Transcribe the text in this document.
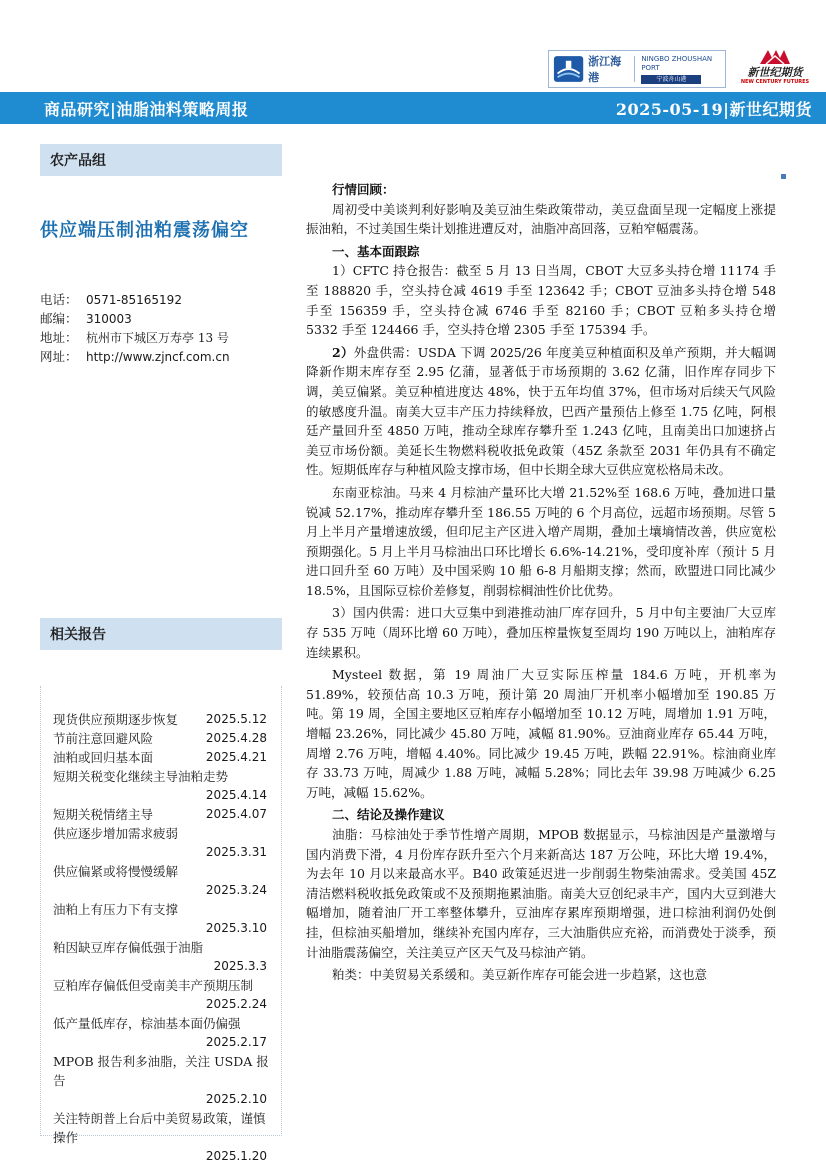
浙江海港
NINGBO ZHOUSHAN PORT
宁波舟山港	新世纪期货
NEW CENTURY FUTURES
商品研究|油脂油料策略周报	2025-05-19|新世纪期货
农产品组
供应端压制油粕震荡偏空
电话： 0571-85165192
邮编： 310003
地址： 杭州市下城区万寿亭 13 号
网址： http://www.zjncf.com.cn
相关报告
现货供应预期逐步恢复 2025.5.12
节前注意回避风险	2025.4.28
油粕或回归基本面	2025.4.21
短期关税变化继续主导油粕走势
2025.4.14
短期关税情绪主导	2025.4.07
供应逐步增加需求疲弱
2025.3.31
供应偏紧或将慢慢缓解
2025.3.24
油粕上有压力下有支撑
2025.3.10
粕因缺豆库存偏低强于油脂
2025.3.3
豆粕库存偏低但受南美丰产预期压制
2025.2.24
低产量低库存，棕油基本面仍偏强
2025.2.17
MPOB 报告利多油脂，关注 USDA 报告
2025.2.10
关注特朗普上台后中美贸易政策，谨慎操作
2025.1.20

行情回顾：

周初受中美谈判利好影响及美豆油生柴政策带动，美豆盘面呈现一定幅度上涨提振油粕，不过美国生柴计划推进遭反对，油脂冲高回落，豆粕窄幅震荡。

一、基本面跟踪

1）CFTC 持仓报告：截至 5 月 13 日当周，CBOT 大豆多头持仓增 11174 手至 188820 手，空头持仓减 4619 手至 123642 手；CBOT 豆油多头持仓增 548 手至 156359 手，空头持仓减 6746 手至 82160 手；CBOT 豆粕多头持仓增 5332 手至 124466 手，空头持仓增 2305 手至 175394 手。

2）外盘供需：USDA 下调 2025/26 年度美豆种植面积及单产预期，并大幅调降新作期末库存至 2.95 亿蒲，显著低于市场预期的 3.62 亿蒲，旧作库存同步下调，美豆偏紧。美豆种植进度达 48%，快于五年均值 37%，但市场对后续天气风险的敏感度升温。南美大豆丰产压力持续释放，巴西产量预估上修至 1.75 亿吨，阿根廷产量回升至 4850 万吨，推动全球库存攀升至 1.243 亿吨，且南美出口加速挤占美豆市场份额。美延长生物燃料税收抵免政策（45Z 条款至 2031 年仍具有不确定性。短期低库存与种植风险支撑市场，但中长期全球大豆供应宽松格局未改。

东南亚棕油。马来 4 月棕油产量环比大增 21.52%至 168.6 万吨，叠加进口量锐减 52.17%，推动库存攀升至 186.55 万吨的 6 个月高位，远超市场预期。尽管 5 月上半月产量增速放缓，但印尼主产区进入增产周期，叠加土壤墒情改善，供应宽松预期强化。5 月上半月马棕油出口环比增长 6.6%-14.21%，受印度补库（预计 5 月进口回升至 60 万吨）及中国采购 10 船 6-8 月船期支撑；然而，欧盟进口同比减少 18.5%，且国际豆棕价差修复，削弱棕榈油性价比优势。

3）国内供需：进口大豆集中到港推动油厂库存回升，5 月中旬主要油厂大豆库存 535 万吨（周环比增 60 万吨），叠加压榨量恢复至周均 190 万吨以上，油粕库存连续累积。

Mysteel 数据，第 19 周油厂大豆实际压榨量 184.6 万吨，开机率为 51.89%，较预估高 10.3 万吨，预计第 20 周油厂开机率小幅增加至 190.85 万吨。第 19 周，全国主要地区豆粕库存小幅增加至 10.12 万吨，周增加 1.91 万吨，增幅 23.26%，同比减少 45.80 万吨，减幅 81.90%。豆油商业库存 65.44 万吨，周增 2.76 万吨，增幅 4.40%。同比减少 19.45 万吨，跌幅 22.91%。棕油商业库存 33.73 万吨，周减少 1.88 万吨，减幅 5.28%；同比去年 39.98 万吨减少 6.25 万吨，减幅 15.62%。

二、结论及操作建议

油脂：马棕油处于季节性增产周期，MPOB 数据显示，马棕油因是产量激增与国内消费下滑，4 月份库存跃升至六个月来新高达 187 万公吨，环比大增 19.4%，为去年 10 月以来最高水平。B40 政策延迟进一步削弱生物柴油需求。受美国 45Z 清洁燃料税收抵免政策或不及预期拖累油脂。南美大豆创纪录丰产，国内大豆到港大幅增加，随着油厂开工率整体攀升，豆油库存累库预期增强，进口棕油利润仍处倒挂，但棕油买船增加，继续补充国内库存，三大油脂供应充裕，而消费处于淡季，预计油脂震荡偏空，关注美豆产区天气及马棕油产销。

粕类：中美贸易关系缓和。美豆新作库存可能会进一步趋紧，这也意
